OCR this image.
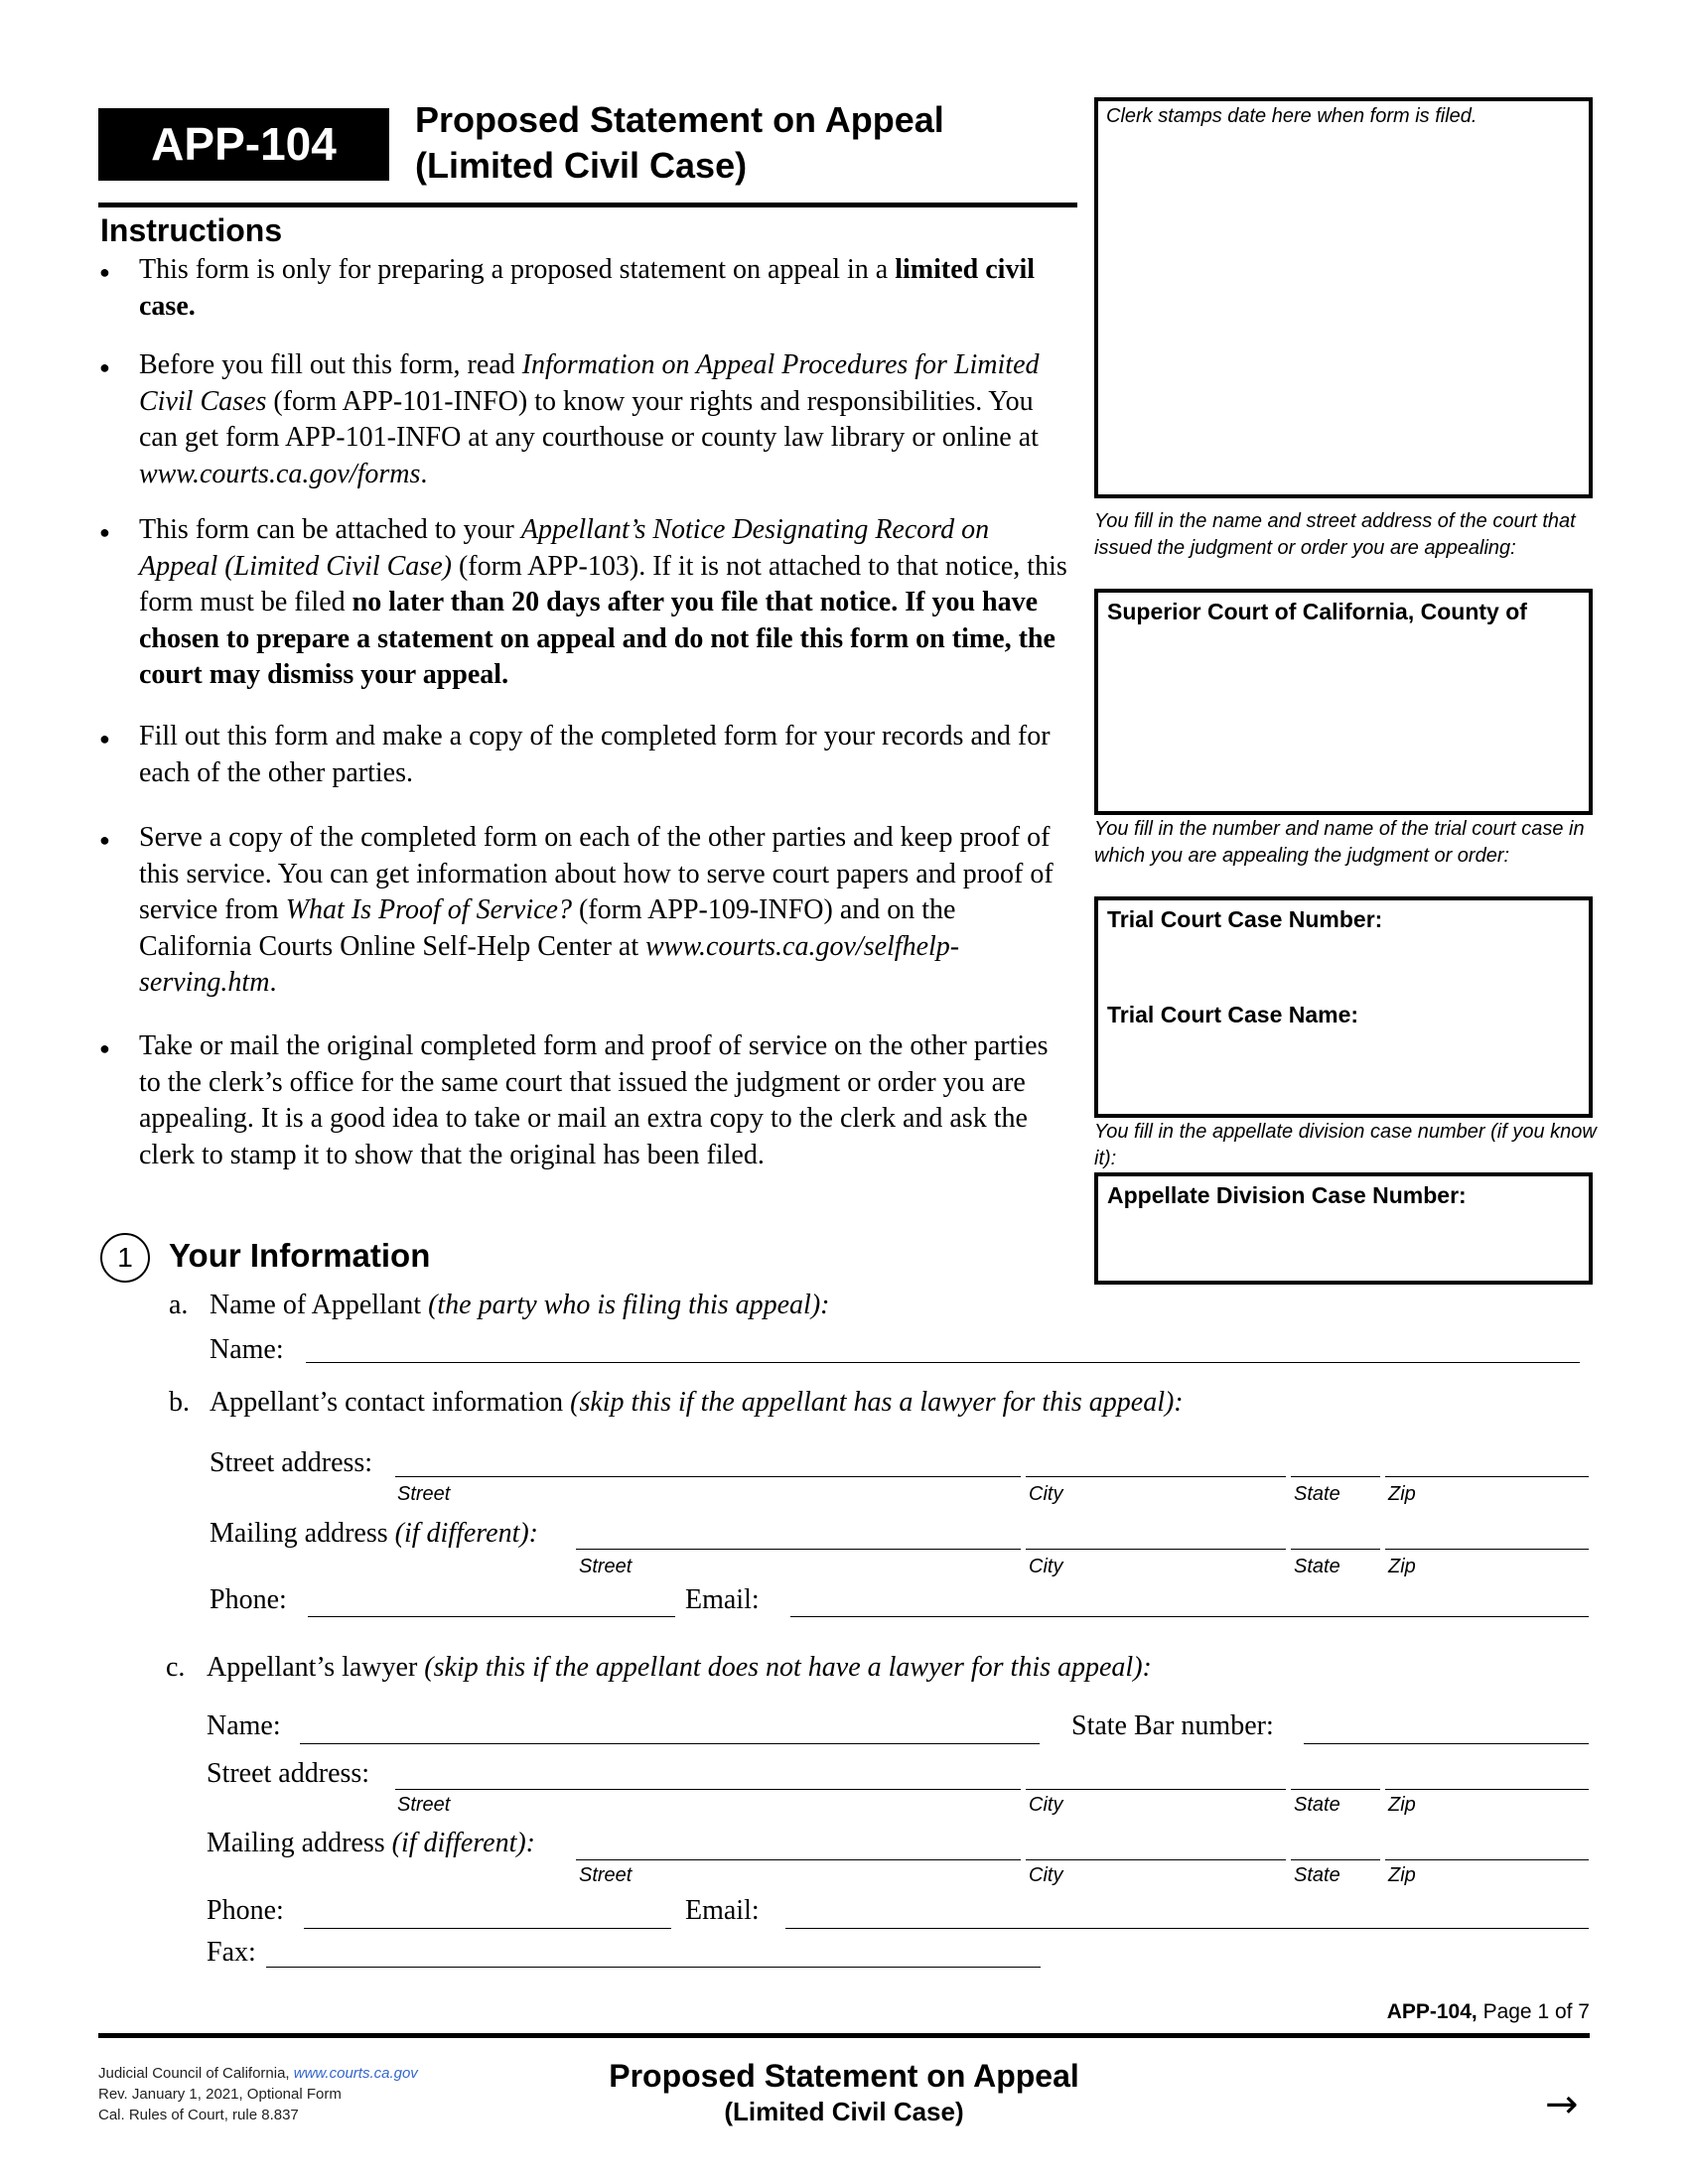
APP-104	Proposed Statement on Appeal
(Limited Civil Case)
Instructions
● This form is only for preparing a proposed statement on appeal in a limited civil case.

● Before you fill out this form, read Information on Appeal Procedures for Limited Civil Cases (form APP-101-INFO) to know your rights and responsibilities. You can get form APP-101-INFO at any courthouse or county law library or online at www.courts.ca.gov/forms.

● This form can be attached to your Appellant’s Notice Designating Record on Appeal (Limited Civil Case) (form APP-103). If it is not attached to that notice, this form must be filed no later than 20 days after you file that notice. If you have chosen to prepare a statement on appeal and do not file this form on time, the court may dismiss your appeal.

● Fill out this form and make a copy of the completed form for your records and for each of the other parties.

● Serve a copy of the completed form on each of the other parties and keep proof of this service. You can get information about how to serve court papers and proof of service from What Is Proof of Service? (form APP-109-INFO) and on the California Courts Online Self-Help Center at www.courts.ca.gov/selfhelp-serving.htm.

● Take or mail the original completed form and proof of service on the other parties to the clerk’s office for the same court that issued the judgment or order you are appealing. It is a good idea to take or mail an extra copy to the clerk and ask the clerk to stamp it to show that the original has been filed.

Clerk stamps date here when form is filed.
You fill in the name and street address of the court that issued the judgment or order you are appealing:
Superior Court of California, County of
You fill in the number and name of the trial court case in which you are appealing the judgment or order:
Trial Court Case Number:
Trial Court Case Name:
You fill in the appellate division case number (if you know it):
Appellate Division Case Number:
1	Your Information
a. Name of Appellant (the party who is filing this appeal):
Name:
b. Appellant’s contact information (skip this if the appellant has a lawyer for this appeal):
Street address:
Street	City	State Zip
Mailing address (if different):
Street	City	State Zip
Phone:	Email:
c. Appellant’s lawyer (skip this if the appellant does not have a lawyer for this appeal):
Name:	State Bar number:
Street address:
Street	City	State Zip
Mailing address (if different):
Street	City	State Zip
Phone:	Email:
Fax:
APP-104, Page 1 of 7
Judicial Council of California, www.courts.ca.gov
Rev. January 1, 2021, Optional Form
Cal. Rules of Court, rule 8.837
Proposed Statement on Appeal
(Limited Civil Case)	→
